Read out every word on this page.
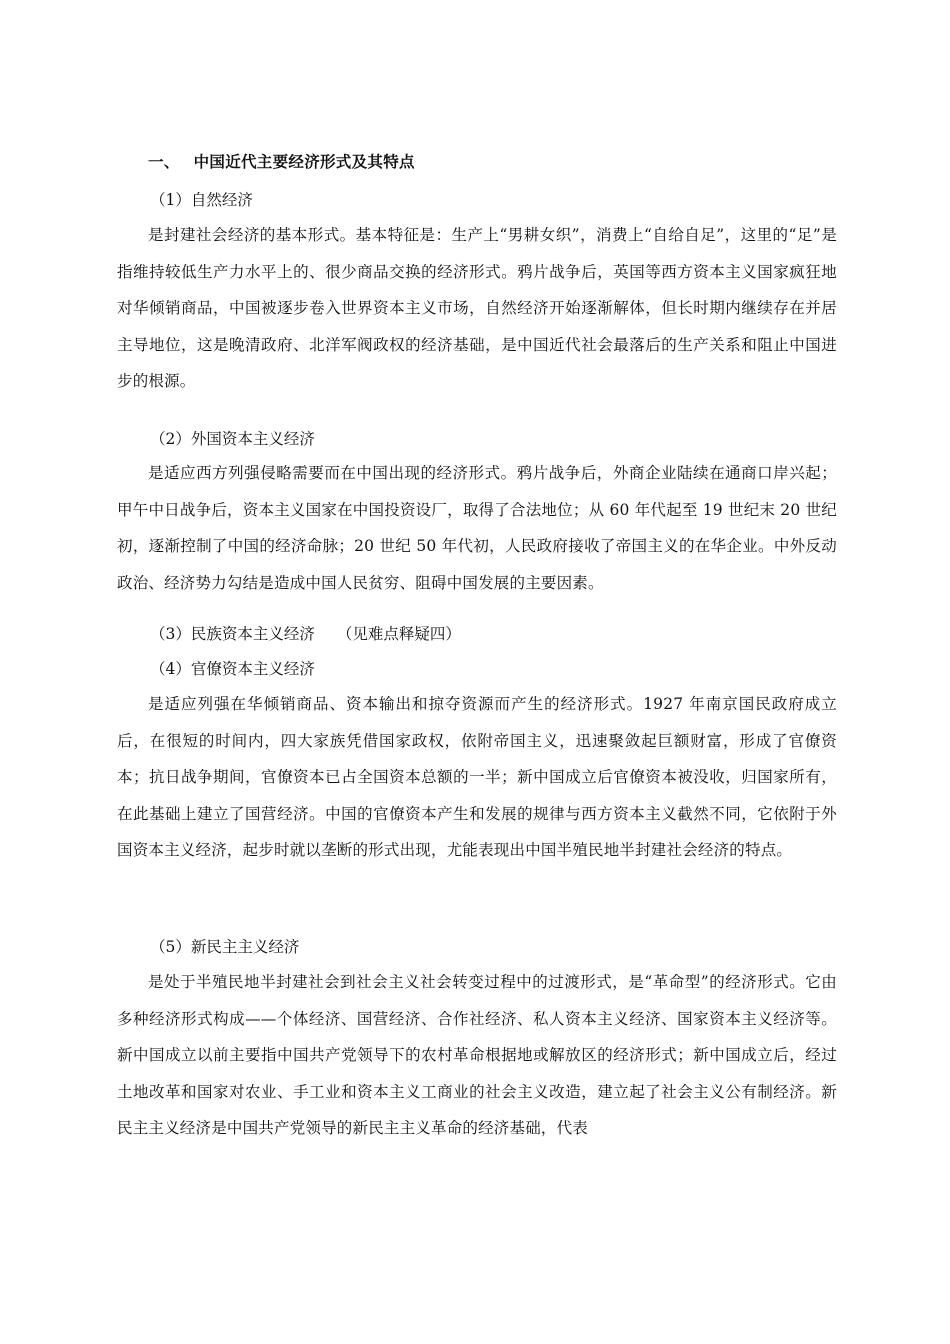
一、 中国近代主要经济形式及其特点
（1）自然经济
是封建社会经济的基本形式。基本特征是：生产上“男耕女织”，消费上“自给自足”，这里的“足”是指维持较低生产力水平上的、很少商品交换的经济形式。鸦片战争后，英国等西方资本主义国家疯狂地对华倾销商品，中国被逐步卷入世界资本主义市场，自然经济开始逐渐解体，但长时期内继续存在并居主导地位，这是晚清政府、北洋军阀政权的经济基础，是中国近代社会最落后的生产关系和阻止中国进步的根源。
（2）外国资本主义经济
是适应西方列强侵略需要而在中国出现的经济形式。鸦片战争后，外商企业陆续在通商口岸兴起；甲午中日战争后，资本主义国家在中国投资设厂，取得了合法地位；从 60 年代起至 19 世纪末 20 世纪初，逐渐控制了中国的经济命脉；20 世纪 50 年代初，人民政府接收了帝国主义的在华企业。中外反动政治、经济势力勾结是造成中国人民贫穷、阻碍中国发展的主要因素。
（3）民族资本主义经济 （见难点释疑四）
（4）官僚资本主义经济
是适应列强在华倾销商品、资本输出和掠夺资源而产生的经济形式。1927 年南京国民政府成立后，在很短的时间内，四大家族凭借国家政权，依附帝国主义，迅速聚敛起巨额财富，形成了官僚资本；抗日战争期间，官僚资本已占全国资本总额的一半；新中国成立后官僚资本被没收，归国家所有，在此基础上建立了国营经济。中国的官僚资本产生和发展的规律与西方资本主义截然不同，它依附于外国资本主义经济，起步时就以垄断的形式出现，尤能表现出中国半殖民地半封建社会经济的特点。
（5）新民主主义经济
是处于半殖民地半封建社会到社会主义社会转变过程中的过渡形式，是“革命型”的经济形式。它由多种经济形式构成——个体经济、国营经济、合作社经济、私人资本主义经济、国家资本主义经济等。新中国成立以前主要指中国共产党领导下的农村革命根据地或解放区的经济形式；新中国成立后，经过土地改革和国家对农业、手工业和资本主义工商业的社会主义改造，建立起了社会主义公有制经济。新民主主义经济是中国共产党领导的新民主主义革命的经济基础，代表
